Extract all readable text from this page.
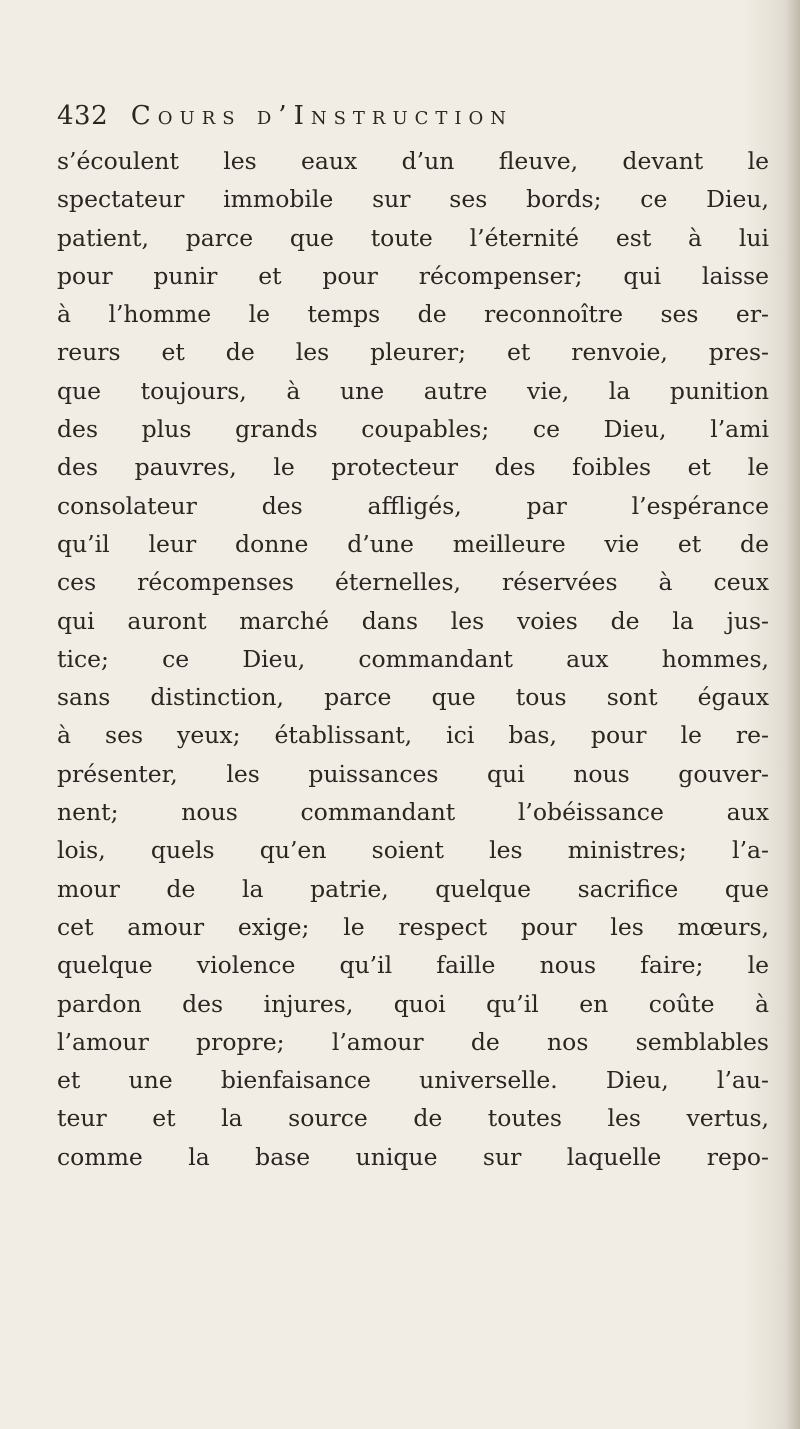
432 Cours d’Instruction
s’écoulent les eaux d’un fleuve, devant le
spectateur immobile sur ses bords; ce Dieu,
patient, parce que toute l’éternité est à lui
pour punir et pour récompenser; qui laisse
à l’homme le temps de reconnoître ses er-
reurs et de les pleurer; et renvoie, pres-
que toujours, à une autre vie, la punition
des plus grands coupables; ce Dieu, l’ami
des pauvres, le protecteur des foibles et le
consolateur des affligés, par l’espérance
qu’il leur donne d’une meilleure vie et de
ces récompenses éternelles, réservées à ceux
qui auront marché dans les voies de la jus-
tice; ce Dieu, commandant aux hommes,
sans distinction, parce que tous sont égaux
à ses yeux; établissant, ici bas, pour le re-
présenter, les puissances qui nous gouver-
nent; nous commandant l’obéissance aux
lois, quels qu’en soient les ministres; l’a-
mour de la patrie, quelque sacrifice que
cet amour exige; le respect pour les mœurs,
quelque violence qu’il faille nous faire; le
pardon des injures, quoi qu’il en coûte à
l’amour propre; l’amour de nos semblables
et une bienfaisance universelle. Dieu, l’au-
teur et la source de toutes les vertus,
comme la base unique sur laquelle repo-
